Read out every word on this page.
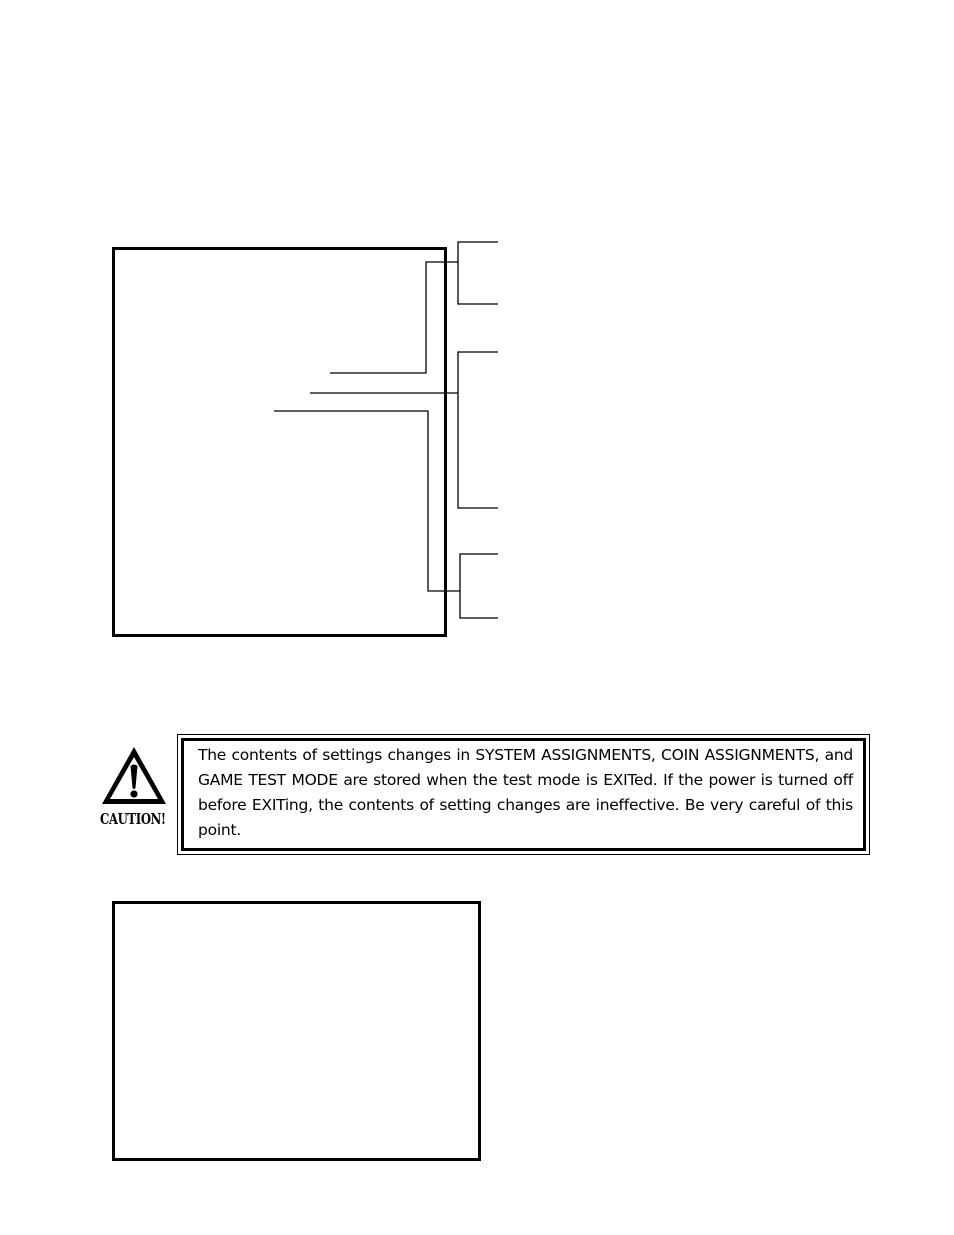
CAUTION!
The contents of settings changes in SYSTEM ASSIGNMENTS, COIN ASSIGNMENTS, and GAME TEST MODE are stored when the test mode is EXITed. If the power is turned off before EXITing, the contents of setting changes are ineffective. Be very careful of this point.
